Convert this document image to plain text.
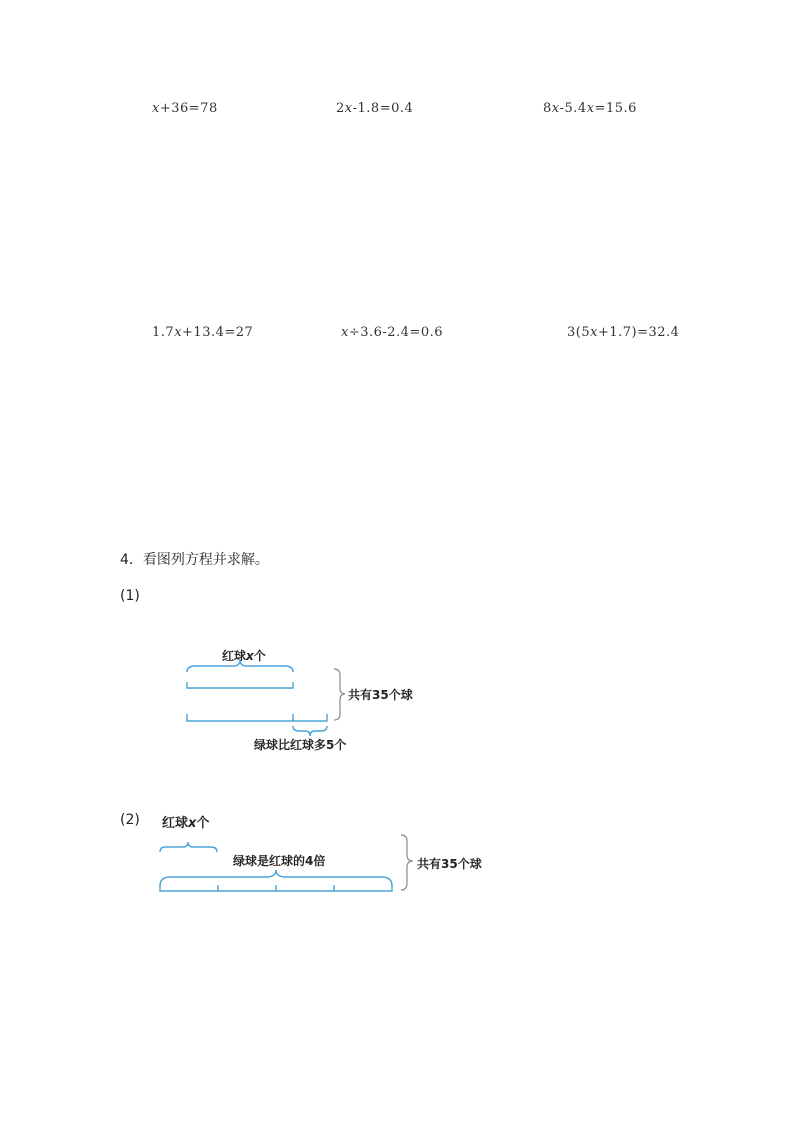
x+36=78	2x-1.8=0.4	8x-5.4x=15.6
1.7x+13.4=27	x÷3.6-2.4=0.6	3(5x+1.7)=32.4
4．看图列方程并求解。
(1)
红球x个
共有35个球
绿球比红球多5个
(2) 红球x个
绿球是红球的4倍	共有35个球
